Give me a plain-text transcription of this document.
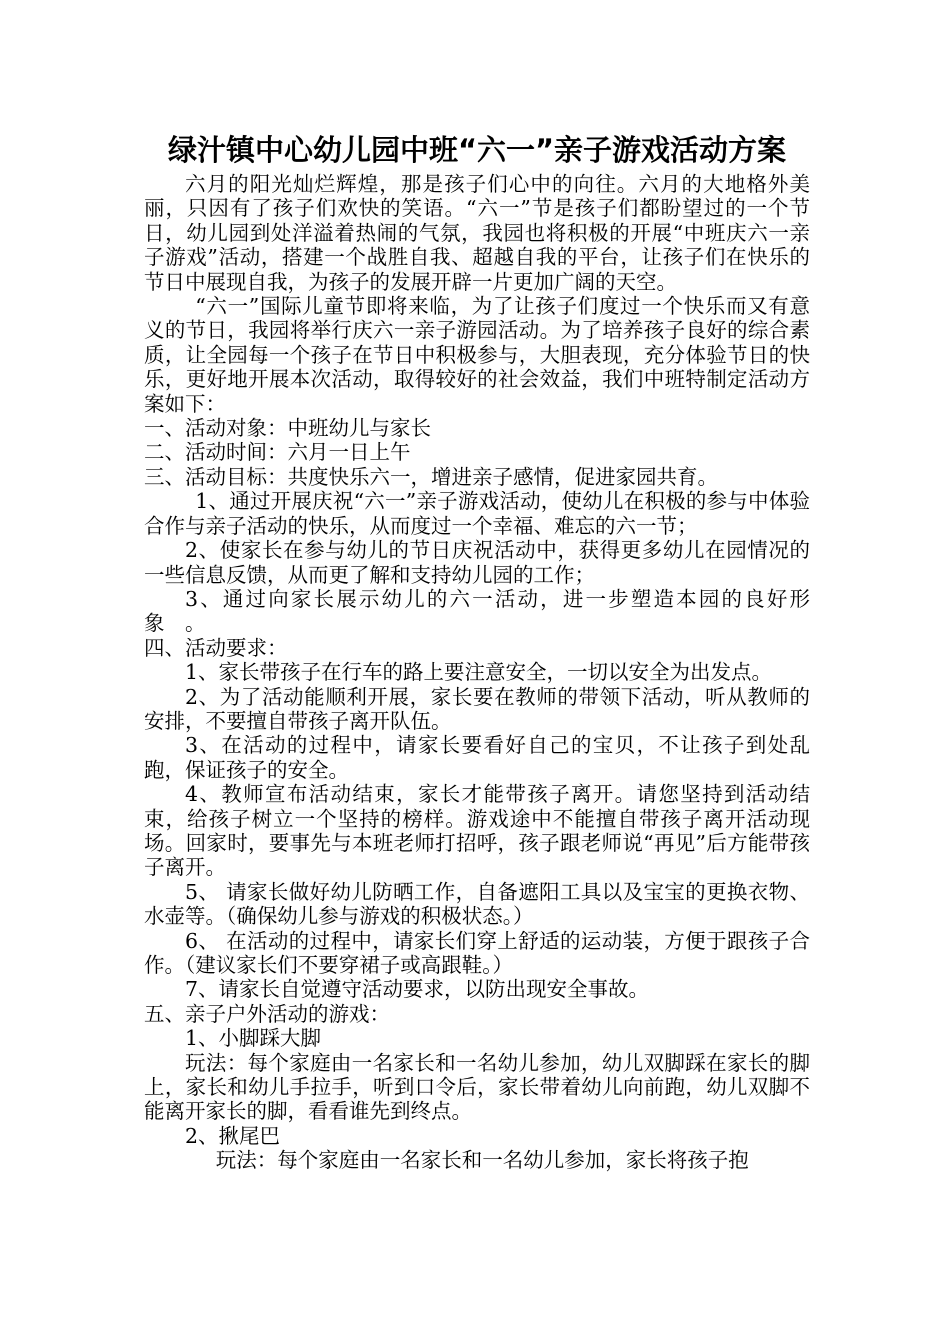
绿汁镇中心幼儿园中班“六一”亲子游戏活动方案

六月的阳光灿烂辉煌，那是孩子们心中的向往。六月的大地格外美丽，只因有了孩子们欢快的笑语。“六一”节是孩子们都盼望过的一个节日，幼儿园到处洋溢着热闹的气氛，我园也将积极的开展“中班庆六一亲子游戏”活动，搭建一个战胜自我、超越自我的平台，让孩子们在快乐的节日中展现自我，为孩子的发展开辟一片更加广阔的天空。

“六一”国际儿童节即将来临，为了让孩子们度过一个快乐而又有意义的节日，我园将举行庆六一亲子游园活动。为了培养孩子良好的综合素质，让全园每一个孩子在节日中积极参与，大胆表现，充分体验节日的快乐，更好地开展本次活动，取得较好的社会效益，我们中班特制定活动方案如下：

一、活动对象：中班幼儿与家长

二、活动时间：六月一日上午

三、活动目标：共度快乐六一，增进亲子感情，促进家园共育。

1、通过开展庆祝“六一”亲子游戏活动，使幼儿在积极的参与中体验合作与亲子活动的快乐，从而度过一个幸福、难忘的六一节；

2、使家长在参与幼儿的节日庆祝活动中，获得更多幼儿在园情况的一些信息反馈，从而更了解和支持幼儿园的工作；

3、通过向家长展示幼儿的六一活动，进一步塑造本园的良好形象　。

四、活动要求：

1、家长带孩子在行车的路上要注意安全，一切以安全为出发点。

2、为了活动能顺利开展，家长要在教师的带领下活动，听从教师的安排，不要擅自带孩子离开队伍。

3、在活动的过程中，请家长要看好自己的宝贝，不让孩子到处乱跑，保证孩子的安全。

4、教师宣布活动结束，家长才能带孩子离开。请您坚持到活动结束，给孩子树立一个坚持的榜样。游戏途中不能擅自带孩子离开活动现场。回家时，要事先与本班老师打招呼，孩子跟老师说“再见”后方能带孩子离开。

5、 请家长做好幼儿防晒工作，自备遮阳工具以及宝宝的更换衣物、水壶等。（确保幼儿参与游戏的积极状态。）

6、 在活动的过程中，请家长们穿上舒适的运动装，方便于跟孩子合作。（建议家长们不要穿裙子或高跟鞋。）

7、请家长自觉遵守活动要求，以防出现安全事故。

五、亲子户外活动的游戏：

1、小脚踩大脚

玩法：每个家庭由一名家长和一名幼儿参加，幼儿双脚踩在家长的脚上，家长和幼儿手拉手，听到口令后，家长带着幼儿向前跑，幼儿双脚不能离开家长的脚，看看谁先到终点。

2、揪尾巴

玩法：每个家庭由一名家长和一名幼儿参加，家长将孩子抱
